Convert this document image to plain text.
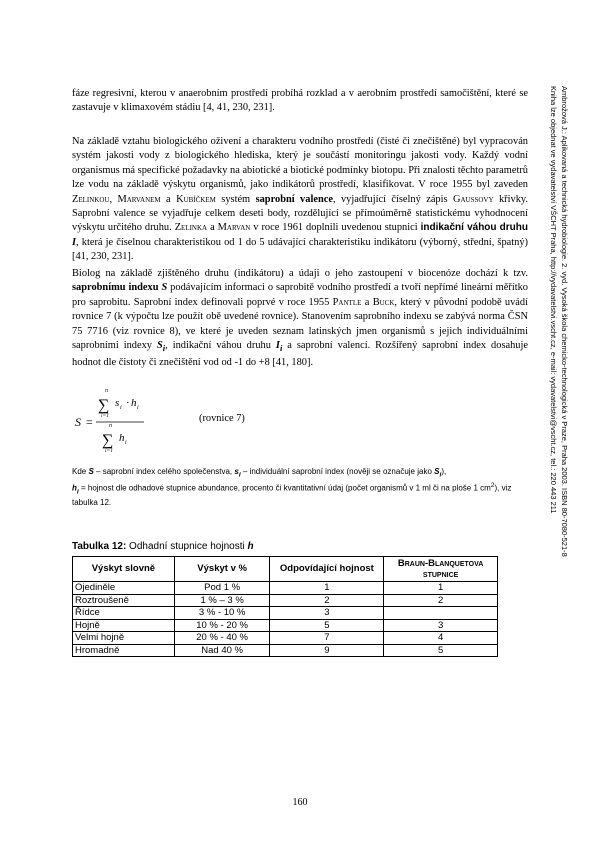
fáze regresivní, kterou v anaerobním prostředí probíhá rozklad a v aerobním prostředí samočištění, které se zastavuje v klimaxovém stádiu [4, 41, 230, 231].

Na základě vztahu biologického oživení a charakteru vodního prostředí (čisté či znečištěné) byl vypracován systém jakosti vody z biologického hlediska, který je součástí monitoringu jakosti vody. Každý vodní organismus má specifické požadavky na abiotické a biotické podmínky biotopu. Při znalosti těchto parametrů lze vodu na základě výskytu organismů, jako indikátorů prostředí, klasifikovat. V roce 1955 byl zaveden Zelinkou, Marvanem a Kubíčkem systém saprobní valence, vyjadřující číselný zápis Gaussovy křivky. Saprobní valence se vyjadřuje celkem deseti body, rozdělující se přímoúměrně statistickému vyhodnocení výskytu určitého druhu. Zelinka a Marvan v roce 1961 doplnili uvedenou stupnici indikační váhou druhu I, která je číselnou charakteristikou od 1 do 5 udávající charakteristiku indikátoru (výborný, střední, špatný) [41, 230, 231].

Biolog na základě zjištěného druhu (indikátoru) a údaji o jeho zastoupení v biocenóze dochází k tzv. saprobnímu indexu S podávajícím informaci o saprobitě vodního prostředí a tvoří nepřímé lineární měřítko pro saprobitu. Saprobní index definovali poprvé v roce 1955 Pantle a Buck, který v původní podobě uvádí rovnice 7 (k výpočtu lze použít obě uvedené rovnice). Stanovením saprobního indexu se zabývá norma ČSN 75 7716 (viz rovnice 8), ve které je uveden seznam latinských jmen organismů s jejich individuálními saprobními indexy $S_i$, indikační váhou druhu $I_i$ a saprobní valencí. Rozšířený saprobní index dosahuje hodnot dle čistoty či znečištění vod od -1 do +8 [41, 180].

S =
n
∑
i=1
s i · h i
n
∑
i=1
h i
(rovnice 7)

Kde S – saprobní index celého společenstva, $s_i$ – individuální saprobní index (nověji se označuje jako $S_i$),
$h_i$ = hojnost dle odhadové stupnice abundance, procento či kvantitativní údaj (počet organismů v 1 ml či na ploše 1 $cm^2$), viz tabulka 12.

Tabulka 12: Odhadní stupnice hojnosti h

Výskyt slovně	Výskyt v %	Odpovídající hojnost	Braun-Blanquetova stupnice
Ojediněle	Pod 1 %	1	1
Roztroušeně	1 % – 3 %	2	2
Řídce	3 % - 10 %	3	
Hojně	10 % - 20 %	5	3
Velmi hojně	20 % - 40 %	7	4
Hromadně	Nad 40 %	9	5
Ambrožová J.: Aplikovaná a technická hydrobiologie. 2. vyd. Vysoká škola chemicko-technologická v Praze, Praha 2003. ISBN 80-7080-521-8
Kniha lze objednat ve vydavatelství VŠCHT Praha, http://vydavatelstvi.vscht.cz, e-mail: vydavatelstvi@vscht.cz, tel.: 220 443 211
160
